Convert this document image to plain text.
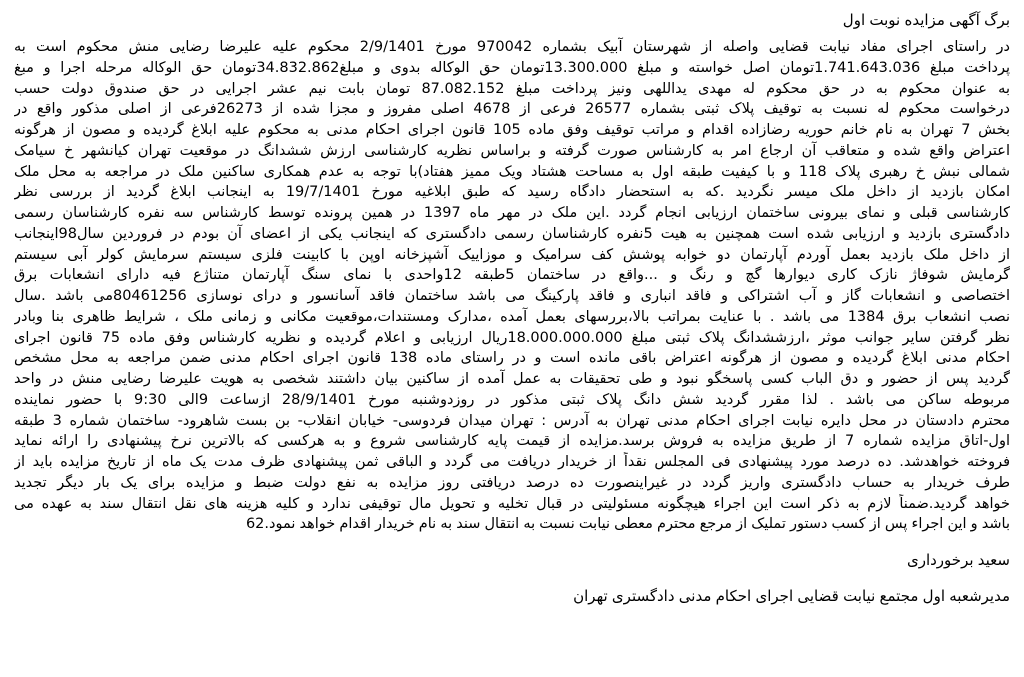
برگ آگهی مزایده نوبت اول
در راستای اجرای مفاد نیابت قضایی واصله از شهرستان آبیک بشماره 970042 مورخ 2/9/1401 محکوم علیه علیرضا رضایی منش محکوم است به
پرداخت مبلغ 1.741.643.036تومان اصل خواسته و مبلغ 13.300.000تومان حق الوکاله بدوی و مبلغ34.832.862تومان حق الوکاله مرحله اجرا و مبغ
به عنوان محکوم به در حق محکوم له مهدی یداللهی ونیز پرداخت مبلغ 87.082.152 تومان بابت نیم عشر اجرایی در حق صندوق دولت حسب
درخواست محکوم له نسبت به توقیف پلاک ثبتی بشماره 26577 فرعی از 4678 اصلی مفروز و مجزا شده از 26273فرعی از اصلی مذکور واقع در
بخش 7 تهران به نام خانم حوریه رضازاده اقدام و مراتب توقیف وفق ماده 105 قانون اجرای احکام مدنی به محکوم علیه ابلاغ گردیده و مصون از هرگونه
اعتراض واقع شده و متعاقب آن ارجاع امر به کارشناس صورت گرفته و براساس نظریه کارشناسی ارزش ششدانگ در موقعیت تهران کیانشهر خ سیامک
شمالی نبش خ رهبری پلاک 118 و با کیفیت طبقه اول به مساحت هشتاد ویک ممیز هفتاد)با توجه به عدم همکاری ساکنین ملک در مراجعه به محل ملک
امکان بازدید از داخل ملک میسر نگردید .که به استحضار دادگاه رسید که طبق ابلاغیه مورخ 19/7/1401 به اینجانب ابلاغ گردید از بررسی نظر
کارشناسی قبلی و نمای بیرونی ساختمان ارزیابی انجام گردد .این ملک در مهر ماه 1397 در همین پرونده توسط کارشناس سه نفره کارشناسان رسمی
دادگستری بازدید و ارزیابی شده است همچنین به هیت 5نفره کارشناسان رسمی دادگستری که اینجانب یکی از اعضای آن بودم در فروردین سال98اینجانب
از داخل ملک بازدید بعمل آوردم آپارتمان دو خوابه پوشش کف سرامیک و موزاییک آشپزخانه اوپن با کابینت فلزی سیستم سرمایش کولر آبی سیستم
گرمایش شوفاژ نازک کاری دیوارها گچ و رنگ و ...واقع در ساختمان 5طبقه 12واحدی با نمای سنگ آپارتمان متناژع فیه دارای انشعابات برق
اختصاصی و انشعابات گاز و آب اشتراکی و فاقد انباری و فاقد پارکینگ می باشد ساختمان فاقد آسانسور و درای نوسازی 80461256می باشد .سال
نصب انشعاب برق 1384 می باشد . با عنایت بمراتب بالا،بررسهای بعمل آمده ،مدارک ومستندات،موقعیت مکانی و زمانی ملک ، شرایط ظاهری بنا وبادر
نظر گرفتن سایر جوانب موثر ،ارزششدانگ پلاک ثبتی مبلغ 18.000.000.000ریال ارزیابی و اعلام گردیده و نظریه کارشناس وفق ماده 75 قانون اجرای
احکام مدنی ابلاغ گردیده و مصون از هرگونه اعتراض باقی مانده است و در راستای ماده 138 قانون اجرای احکام مدنی ضمن مراجعه به محل مشخص
گردید پس از حضور و دق الباب کسی پاسخگو نبود و طی تحقیقات به عمل آمده از ساکنین بیان داشتند شخصی به هویت علیرضا رضایی منش در واحد
مربوطه ساکن می باشد . لذا مقرر گردید شش دانگ پلاک ثبتی مذکور در روزدوشنبه مورخ 28/9/1401 ازساعت 9الی 9:30 با حضور نماینده
محترم دادستان در محل دایره نیابت اجرای احکام مدنی تهران به آدرس : تهران میدان فردوسی- خیابان انقلاب- بن بست شاهرود- ساختمان شماره 3 طبقه
اول-اتاق مزایده شماره 7 از طریق مزایده به فروش برسد.مزایده از قیمت پایه کارشناسی شروع و به هرکسی که بالاترین نرخ پیشنهادی را ارائه نماید
فروخته خواهدشد. ده درصد مورد پیشنهادی فی المجلس نقداً از خریدار دریافت می گردد و الباقی ثمن پیشنهادی ظرف مدت یک ماه از تاریخ مزایده باید از
طرف خریدار به حساب دادگستری واریز گردد در غیراینصورت ده درصد دریافتی روز مزایده به نفع دولت ضبط و مزایده برای یک بار دیگر تجدید
خواهد گردید.ضمناً لازم به ذکر است این اجراء هیچگونه مسئولیتی در قبال تخلیه و تحویل مال توقیفی ندارد و کلیه هزینه های نقل انتقال سند به عهده می
باشد و این اجراء پس از کسب دستور تملیک از مرجع محترم معطی نیابت نسبت به انتقال سند به نام خریدار اقدام خواهد نمود.62
سعید برخورداری
مدیرشعبه اول مجتمع نیابت قضایی اجرای احکام مدنی دادگستری تهران
